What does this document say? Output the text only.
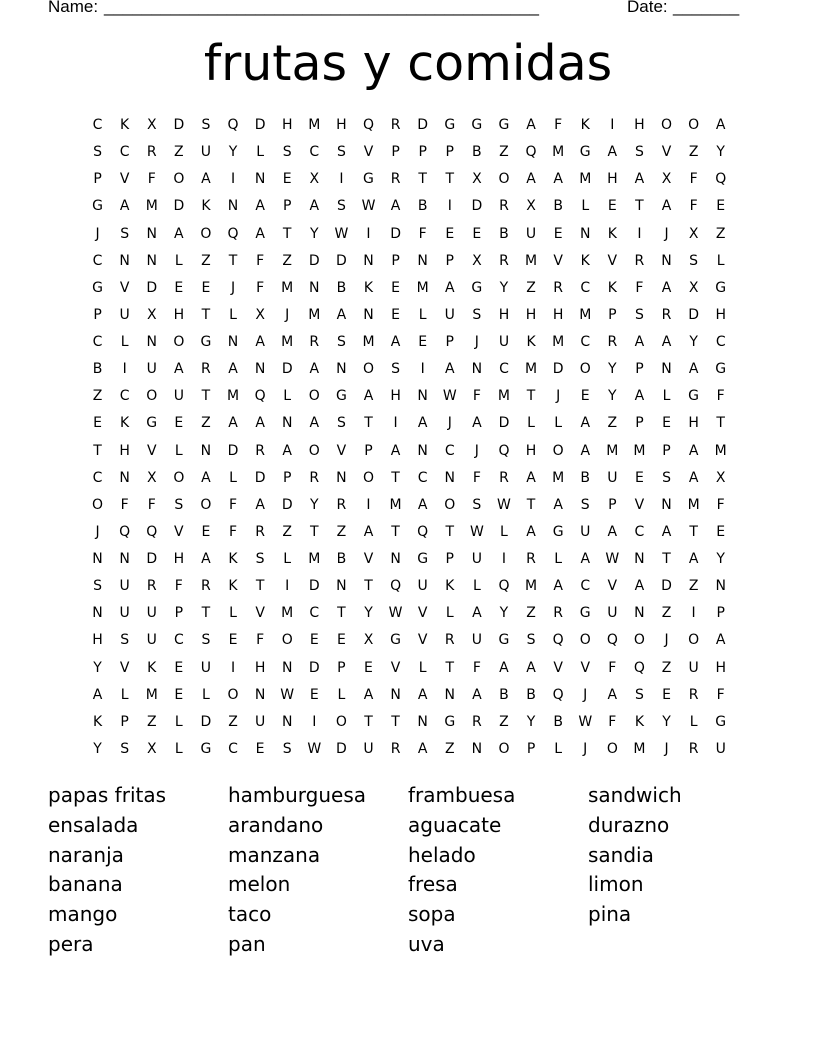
Name: ______________________________________________	Date: _______
frutas y comidas
C	K	X	D	S	Q	D	H	M	H	Q	R	D	G	G	G	A	F	K	I	H	O	O	A
S	C	R	Z	U	Y	L	S	C	S	V	P	P	P	B	Z	Q	M	G	A	S	V	Z	Y
P	V	F	O	A	I	N	E	X	I	G	R	T	T	X	O	A	A	M	H	A	X	F	Q
G	A	M	D	K	N	A	P	A	S	W	A	B	I	D	R	X	B	L	E	T	A	F	E
J	S	N	A	O	Q	A	T	Y	W	I	D	F	E	E	B	U	E	N	K	I	J	X	Z
C	N	N	L	Z	T	F	Z	D	D	N	P	N	P	X	R	M	V	K	V	R	N	S	L
G	V	D	E	E	J	F	M	N	B	K	E	M	A	G	Y	Z	R	C	K	F	A	X	G
P	U	X	H	T	L	X	J	M	A	N	E	L	U	S	H	H	H	M	P	S	R	D	H
C	L	N	O	G	N	A	M	R	S	M	A	E	P	J	U	K	M	C	R	A	A	Y	C
B	I	U	A	R	A	N	D	A	N	O	S	I	A	N	C	M	D	O	Y	P	N	A	G
Z	C	O	U	T	M	Q	L	O	G	A	H	N	W	F	M	T	J	E	Y	A	L	G	F
E	K	G	E	Z	A	A	N	A	S	T	I	A	J	A	D	L	L	A	Z	P	E	H	T
T	H	V	L	N	D	R	A	O	V	P	A	N	C	J	Q	H	O	A	M	M	P	A	M
C	N	X	O	A	L	D	P	R	N	O	T	C	N	F	R	A	M	B	U	E	S	A	X
O	F	F	S	O	F	A	D	Y	R	I	M	A	O	S	W	T	A	S	P	V	N	M	F
J	Q	Q	V	E	F	R	Z	T	Z	A	T	Q	T	W	L	A	G	U	A	C	A	T	E
N	N	D	H	A	K	S	L	M	B	V	N	G	P	U	I	R	L	A	W	N	T	A	Y
S	U	R	F	R	K	T	I	D	N	T	Q	U	K	L	Q	M	A	C	V	A	D	Z	N
N	U	U	P	T	L	V	M	C	T	Y	W	V	L	A	Y	Z	R	G	U	N	Z	I	P
H	S	U	C	S	E	F	O	E	E	X	G	V	R	U	G	S	Q	O	Q	O	J	O	A
Y	V	K	E	U	I	H	N	D	P	E	V	L	T	F	A	A	V	V	F	Q	Z	U	H
A	L	M	E	L	O	N	W	E	L	A	N	A	N	A	B	B	Q	J	A	S	E	R	F
K	P	Z	L	D	Z	U	N	I	O	T	T	N	G	R	Z	Y	B	W	F	K	Y	L	G
Y	S	X	L	G	C	E	S	W	D	U	R	A	Z	N	O	P	L	J	O	M	J	R	U
papas fritas
ensalada
naranja
banana
mango
pera
hamburguesa
arandano
manzana
melon
taco
pan
frambuesa
aguacate
helado
fresa
sopa
uva
sandwich
durazno
sandia
limon
pina
